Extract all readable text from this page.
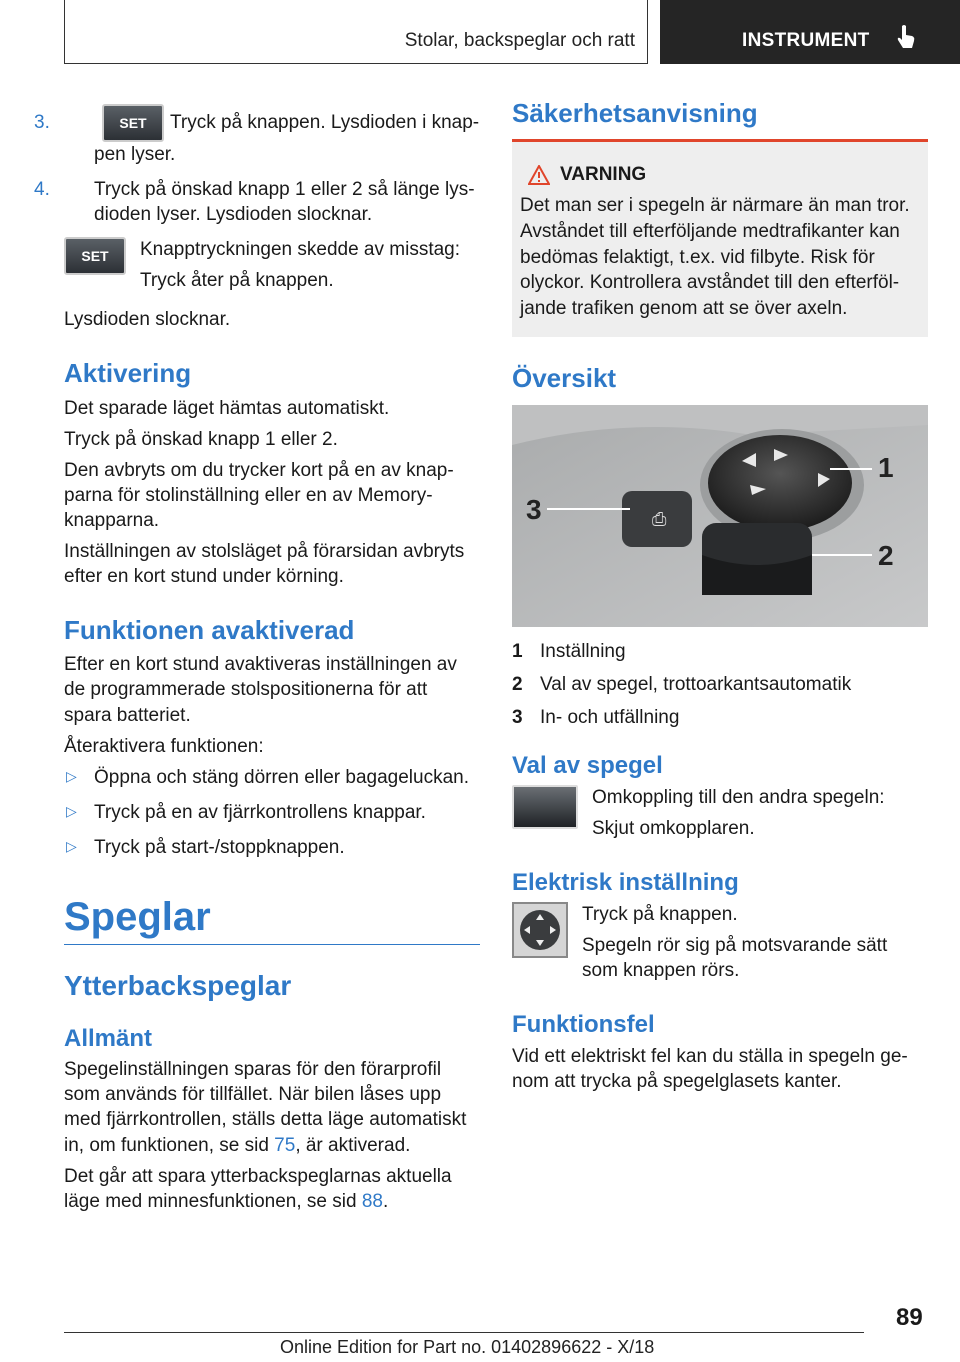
Stolar, backspeglar och ratt	INSTRUMENT

3.	SET Tryck på knappen. Lysdioden i knap-pen lyser.

4. Tryck på önskad knapp 1 eller 2 så länge lys-dioden lyser. Lysdioden slocknar.

SET	Knapptryckningen skedde av misstag:

Tryck åter på knappen.

Lysdioden slocknar.

Aktivering

Det sparade läget hämtas automatiskt.

Tryck på önskad knapp 1 eller 2.

Den avbryts om du trycker kort på en av knap-parna för stolinställning eller en av Memory-knapparna.

Inställningen av stolsläget på förarsidan avbryts efter en kort stund under körning.

Funktionen avaktiverad

Efter en kort stund avaktiveras inställningen av de programmerade stolspositionerna för att spara batteriet.

Återaktivera funktionen:

▷ Öppna och stäng dörren eller bagageluckan.
▷ Tryck på en av fjärrkontrollens knappar.
▷ Tryck på start-/stoppknappen.
Speglar
Ytterbackspeglar
Allmänt

Spegelinställningen sparas för den förarprofil som används för tillfället. När bilen låses upp med fjärrkontrollen, ställs detta läge automatiskt in, om funktionen, se sid 75, är aktiverad.

Det går att spara ytterbackspeglarnas aktuella läge med minnesfunktionen, se sid 88.

Säkerhetsanvisning
VARNING

Det man ser i spegeln är närmare än man tror. Avståndet till efterföljande medtrafikanter kan bedömas felaktigt, t.ex. vid filbyte. Risk för olyckor. Kontrollera avståndet till den efterföl-jande trafiken genom att se över axeln.

Översikt
⎙
1
2
3
1 Inställning
2 Val av spegel, trottoarkantsautomatik
3 In- och utfällning
Val av spegel

Omkoppling till den andra spegeln:

Skjut omkopplaren.

Elektrisk inställning

Tryck på knappen.

Spegeln rör sig på motsvarande sätt som knappen rörs.

Funktionsfel

Vid ett elektriskt fel kan du ställa in spegeln ge-nom att trycka på spegelglasets kanter.

89
Online Edition for Part no. 01402896622 - X/18
